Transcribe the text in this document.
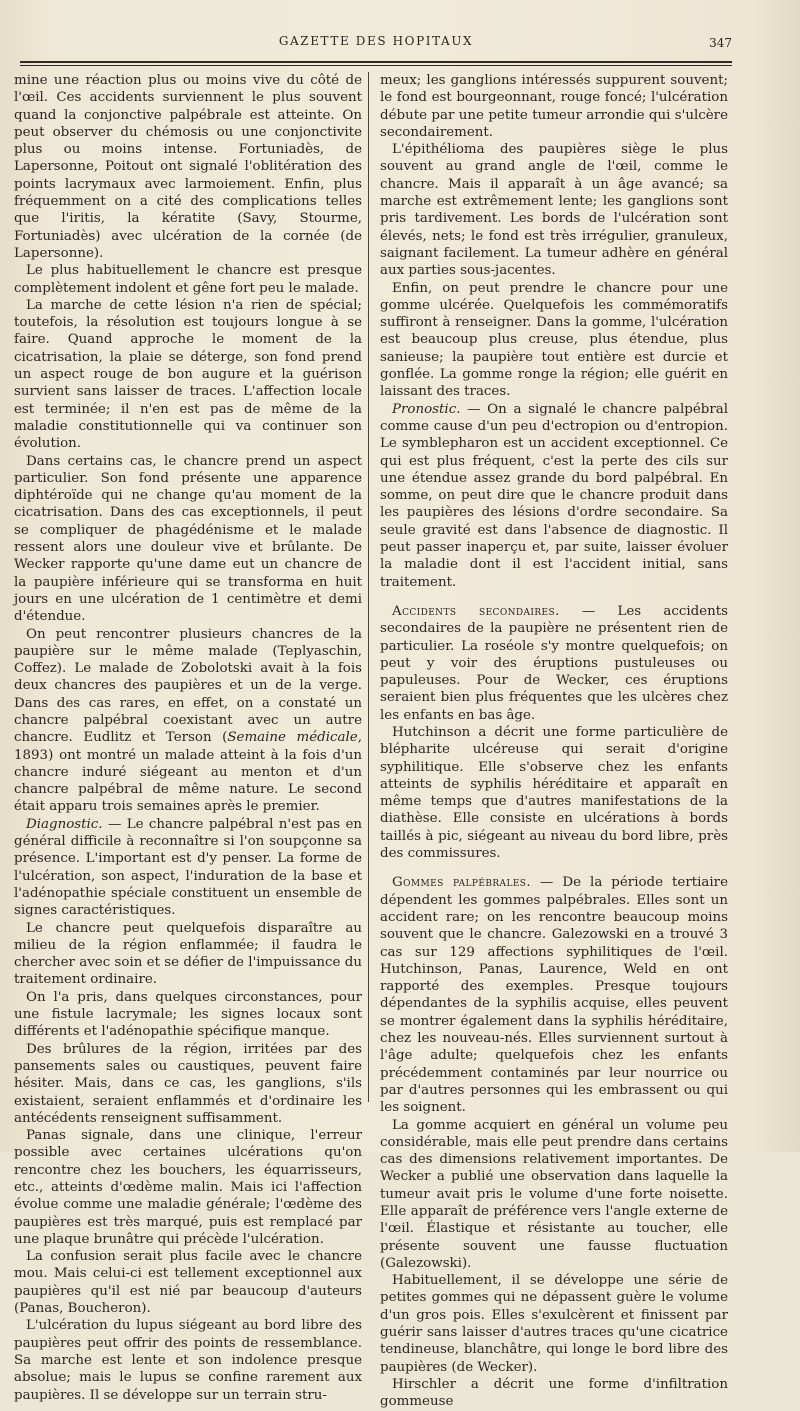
GAZETTE DES HOPITAUX	347

mine une réaction plus ou moins vive du côté de l'œil. Ces accidents surviennent le plus souvent quand la conjonctive palpébrale est atteinte. On peut observer du chémosis ou une conjonctivite plus ou moins intense. Fortuniadès, de Lapersonne, Poitout ont signalé l'oblitération des points lacrymaux avec larmoiement. Enfin, plus fréquemment on a cité des complications telles que l'iritis, la kératite (Savy, Stourme, Fortuniadès) avec ulcération de la cornée (de Lapersonne).

Le plus habituellement le chancre est presque complètement indolent et gêne fort peu le malade.

La marche de cette lésion n'a rien de spécial; toutefois, la résolution est toujours longue à se faire. Quand approche le moment de la cicatrisation, la plaie se déterge, son fond prend un aspect rouge de bon augure et la guérison survient sans laisser de traces. L'affection locale est terminée; il n'en est pas de même de la maladie constitutionnelle qui va continuer son évolution.

Dans certains cas, le chancre prend un aspect particulier. Son fond présente une apparence diphtéroïde qui ne change qu'au moment de la cicatrisation. Dans des cas exceptionnels, il peut se compliquer de phagédénisme et le malade ressent alors une douleur vive et brûlante. De Wecker rapporte qu'une dame eut un chancre de la paupière inférieure qui se transforma en huit jours en une ulcération de 1 centimètre et demi d'étendue.

On peut rencontrer plusieurs chancres de la paupière sur le même malade (Teplyaschin, Coffez). Le malade de Zobolotski avait à la fois deux chancres des paupières et un de la verge. Dans des cas rares, en effet, on a constaté un chancre palpébral coexistant avec un autre chancre. Eudlitz et Terson (Semaine médicale, 1893) ont montré un malade atteint à la fois d'un chancre induré siégeant au menton et d'un chancre palpébral de même nature. Le second était apparu trois semaines après le premier.

Diagnostic. — Le chancre palpébral n'est pas en général difficile à reconnaître si l'on soupçonne sa présence. L'important est d'y penser. La forme de l'ulcération, son aspect, l'induration de la base et l'adénopathie spéciale constituent un ensemble de signes caractéristiques.

Le chancre peut quelquefois disparaître au milieu de la région enflammée; il faudra le chercher avec soin et se défier de l'impuissance du traitement ordinaire.

On l'a pris, dans quelques circonstances, pour une fistule lacrymale; les signes locaux sont différents et l'adénopathie spécifique manque.

Des brûlures de la région, irritées par des pansements sales ou caustiques, peuvent faire hésiter. Mais, dans ce cas, les ganglions, s'ils existaient, seraient enflammés et d'ordinaire les antécédents renseignent suffisamment.

Panas signale, dans une clinique, l'erreur possible avec certaines ulcérations qu'on rencontre chez les bouchers, les équarrisseurs, etc., atteints d'œdème malin. Mais ici l'affection évolue comme une maladie générale; l'œdème des paupières est très marqué, puis est remplacé par une plaque brunâtre qui précède l'ulcération.

La confusion serait plus facile avec le chancre mou. Mais celui-ci est tellement exceptionnel aux paupières qu'il est nié par beaucoup d'auteurs (Panas, Boucheron).

L'ulcération du lupus siégeant au bord libre des paupières peut offrir des points de ressemblance. Sa marche est lente et son indolence presque absolue; mais le lupus se confine rarement aux paupières. Il se développe sur un terrain stru-

meux; les ganglions intéressés suppurent souvent; le fond est bourgeonnant, rouge foncé; l'ulcération débute par une petite tumeur arrondie qui s'ulcère secondairement.

L'épithélioma des paupières siège le plus souvent au grand angle de l'œil, comme le chancre. Mais il apparaît à un âge avancé; sa marche est extrêmement lente; les ganglions sont pris tardivement. Les bords de l'ulcération sont élevés, nets; le fond est très irrégulier, granuleux, saignant facilement. La tumeur adhère en général aux parties sous-jacentes.

Enfin, on peut prendre le chancre pour une gomme ulcérée. Quelquefois les commémoratifs suffiront à renseigner. Dans la gomme, l'ulcération est beaucoup plus creuse, plus étendue, plus sanieuse; la paupière tout entière est durcie et gonflée. La gomme ronge la région; elle guérit en laissant des traces.

Pronostic. — On a signalé le chancre palpébral comme cause d'un peu d'ectropion ou d'entropion. Le symblepharon est un accident exceptionnel. Ce qui est plus fréquent, c'est la perte des cils sur une étendue assez grande du bord palpébral. En somme, on peut dire que le chancre produit dans les paupières des lésions d'ordre secondaire. Sa seule gravité est dans l'absence de diagnostic. Il peut passer inaperçu et, par suite, laisser évoluer la maladie dont il est l'accident initial, sans traitement.

Accidents secondaires. — Les accidents secondaires de la paupière ne présentent rien de particulier. La roséole s'y montre quelquefois; on peut y voir des éruptions pustuleuses ou papuleuses. Pour de Wecker, ces éruptions seraient bien plus fréquentes que les ulcères chez les enfants en bas âge.

Hutchinson a décrit une forme particulière de blépharite ulcéreuse qui serait d'origine syphilitique. Elle s'observe chez les enfants atteints de syphilis héréditaire et apparaît en même temps que d'autres manifestations de la diathèse. Elle consiste en ulcérations à bords taillés à pic, siégeant au niveau du bord libre, près des commissures.

Gommes palpébrales. — De la période tertiaire dépendent les gommes palpébrales. Elles sont un accident rare; on les rencontre beaucoup moins souvent que le chancre. Galezowski en a trouvé 3 cas sur 129 affections syphilitiques de l'œil. Hutchinson, Panas, Laurence, Weld en ont rapporté des exemples. Presque toujours dépendantes de la syphilis acquise, elles peuvent se montrer également dans la syphilis héréditaire, chez les nouveau-nés. Elles surviennent surtout à l'âge adulte; quelquefois chez les enfants précédemment contaminés par leur nourrice ou par d'autres personnes qui les embrassent ou qui les soignent.

La gomme acquiert en général un volume peu considérable, mais elle peut prendre dans certains cas des dimensions relativement importantes. De Wecker a publié une observation dans laquelle la tumeur avait pris le volume d'une forte noisette. Elle apparaît de préférence vers l'angle externe de l'œil. Élastique et résistante au toucher, elle présente souvent une fausse fluctuation (Galezowski).

Habituellement, il se développe une série de petites gommes qui ne dépassent guère le volume d'un gros pois. Elles s'exulcèrent et finissent par guérir sans laisser d'autres traces qu'une cicatrice tendineuse, blanchâtre, qui longe le bord libre des paupières (de Wecker).

Hirschler a décrit une forme d'infiltration gommeuse
